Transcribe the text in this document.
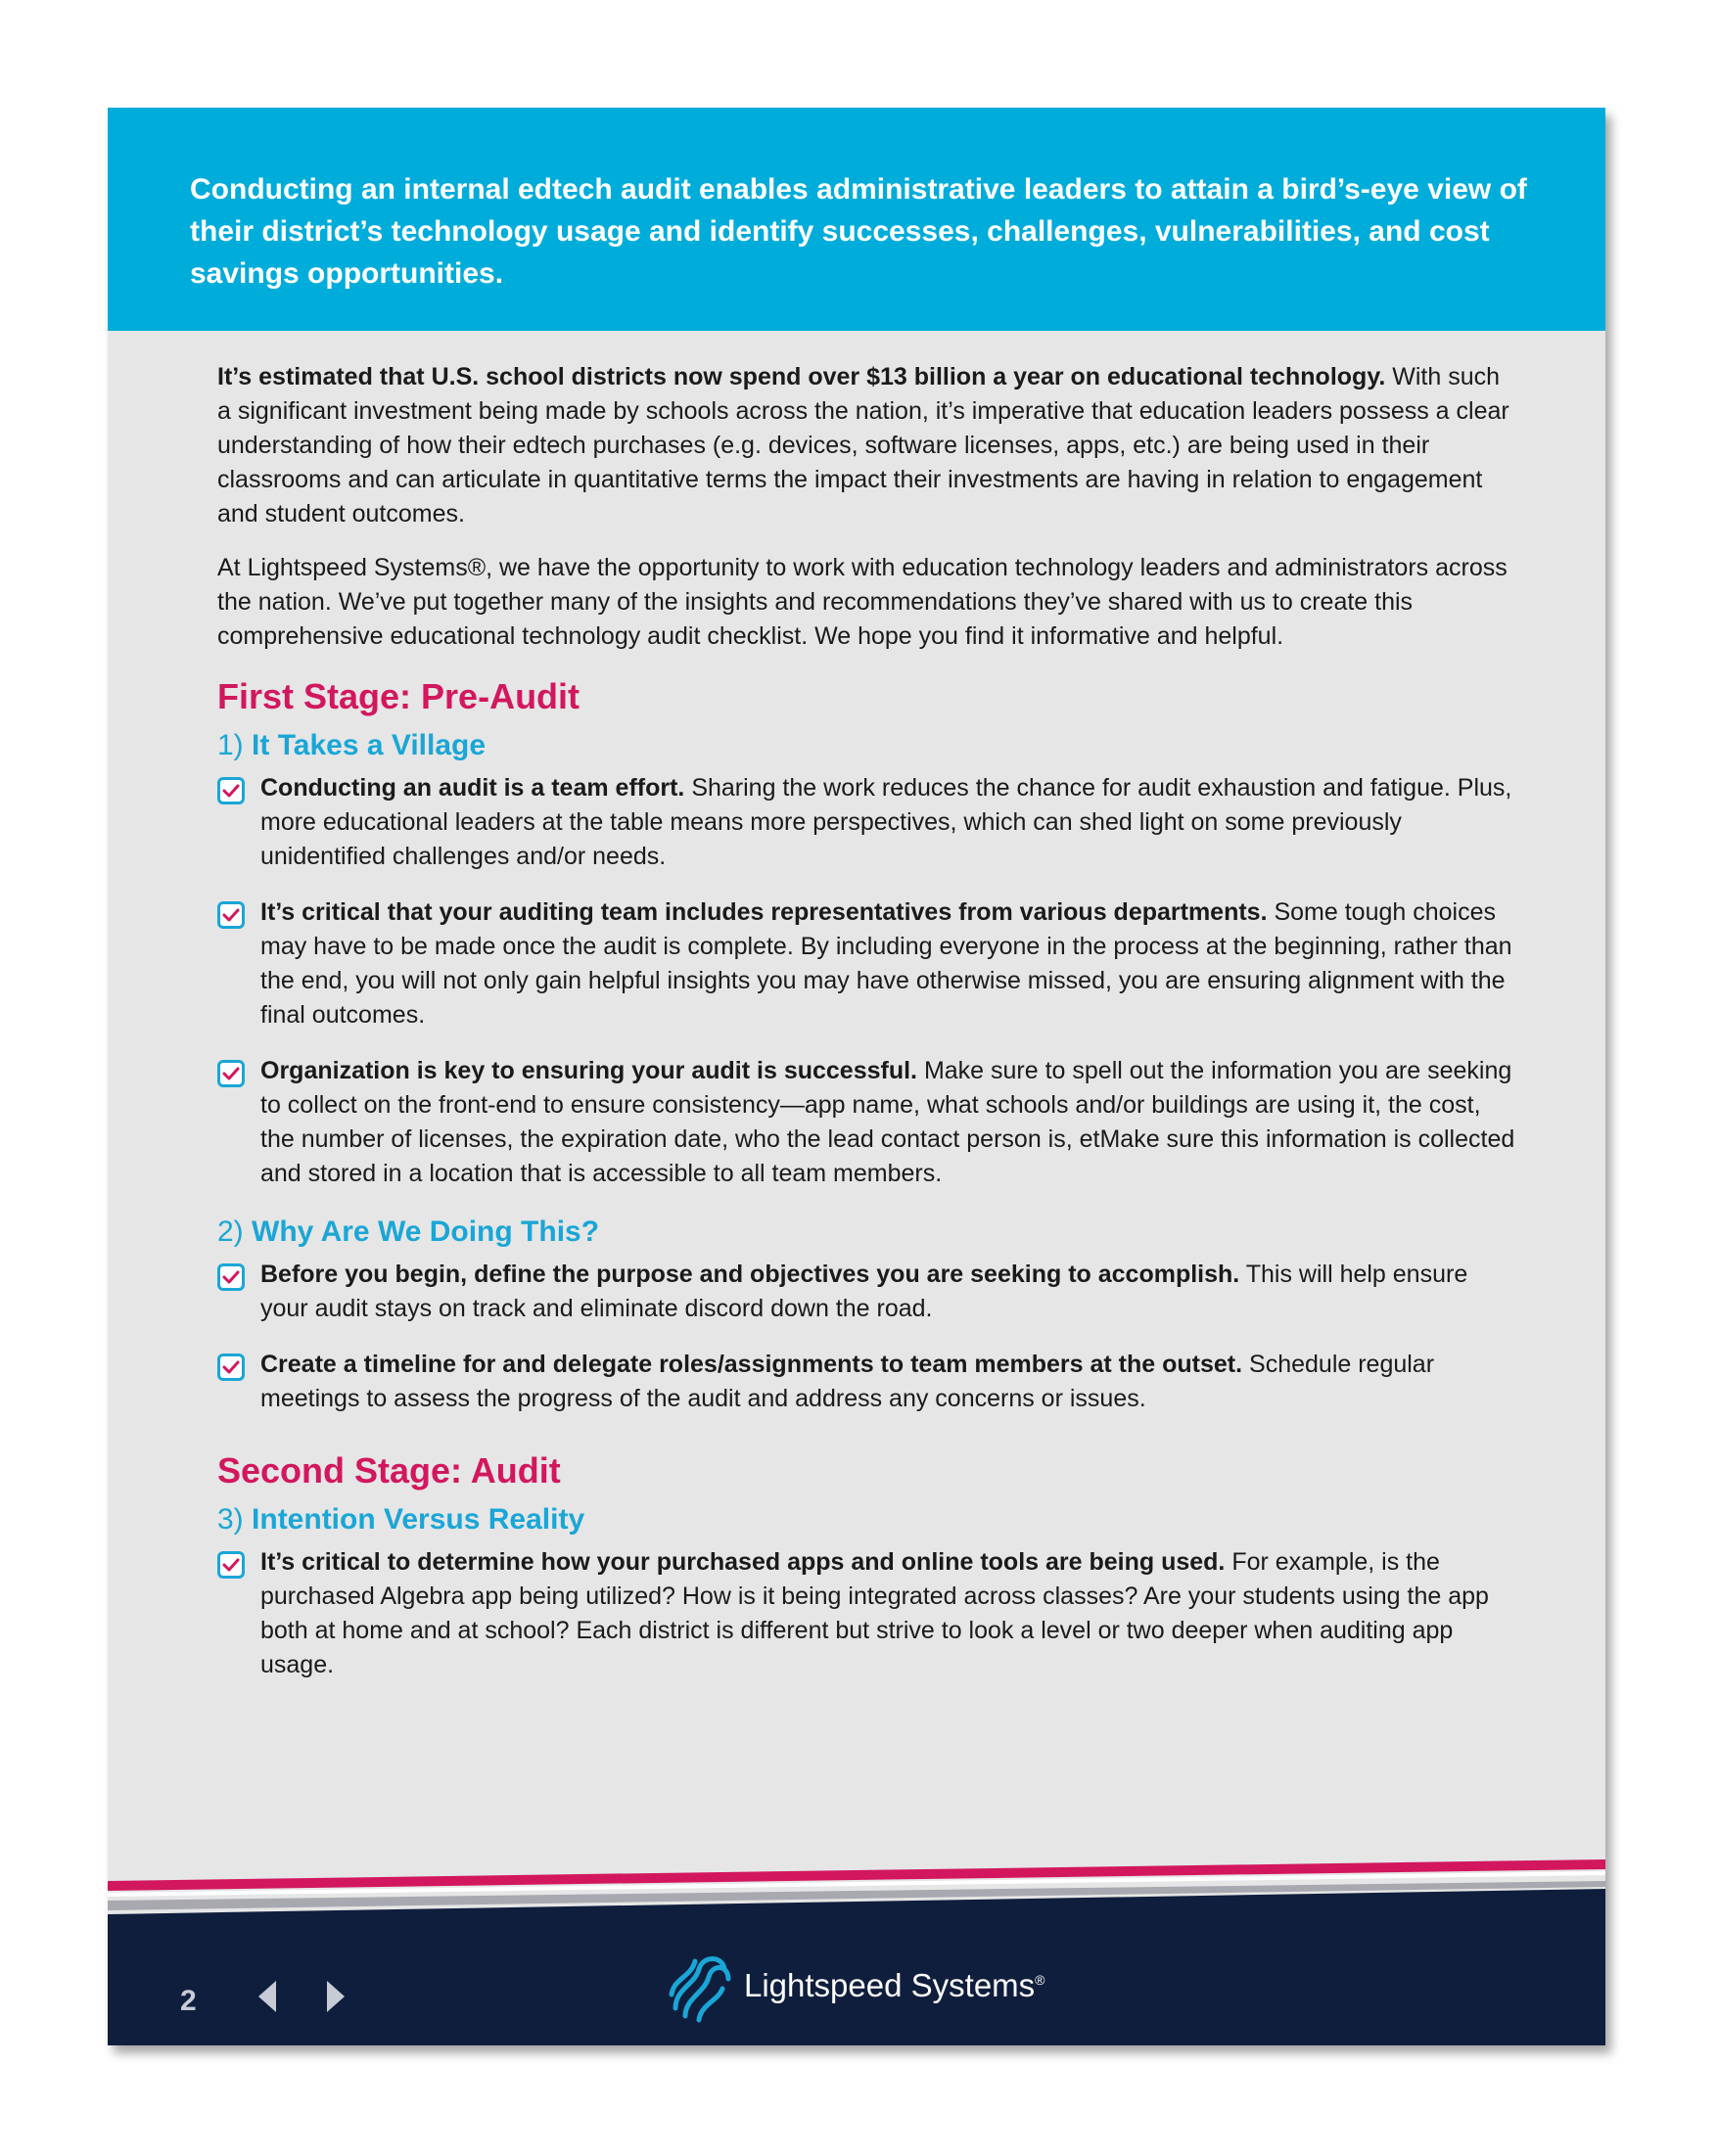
Conducting an internal edtech audit enables administrative leaders to attain a bird’s-eye view of their district’s technology usage and identify successes, challenges, vulnerabilities, and cost savings opportunities.

It’s estimated that U.S. school districts now spend over $13 billion a year on educational technology. With such a significant investment being made by schools across the nation, it’s imperative that education leaders possess a clear understanding of how their edtech purchases (e.g. devices, software licenses, apps, etc.) are being used in their classrooms and can articulate in quantitative terms the impact their investments are having in relation to engagement and student outcomes.

At Lightspeed Systems®, we have the opportunity to work with education technology leaders and administrators across the nation. We’ve put together many of the insights and recommendations they’ve shared with us to create this comprehensive educational technology audit checklist. We hope you find it informative and helpful.

First Stage: Pre-Audit
1) It Takes a Village

Conducting an audit is a team effort. Sharing the work reduces the chance for audit exhaustion and fatigue. Plus, more educational leaders at the table means more perspectives, which can shed light on some previously unidentified challenges and/or needs.

It’s critical that your auditing team includes representatives from various departments. Some tough choices may have to be made once the audit is complete. By including everyone in the process at the beginning, rather than the end, you will not only gain helpful insights you may have otherwise missed, you are ensuring alignment with the final outcomes.

Organization is key to ensuring your audit is successful. Make sure to spell out the information you are seeking to collect on the front-end to ensure consistency—app name, what schools and/or buildings are using it, the cost, the number of licenses, the expiration date, who the lead contact person is, etMake sure this information is collected and stored in a location that is accessible to all team members.

2) Why Are We Doing This?

Before you begin, define the purpose and objectives you are seeking to accomplish. This will help ensure your audit stays on track and eliminate discord down the road.

Create a timeline for and delegate roles/assignments to team members at the outset. Schedule regular meetings to assess the progress of the audit and address any concerns or issues.

Second Stage: Audit
3) Intention Versus Reality

It’s critical to determine how your purchased apps and online tools are being used. For example, is the purchased Algebra app being utilized? How is it being integrated across classes? Are your students using the app both at home and at school? Each district is different but strive to look a level or two deeper when auditing app usage.

2	Lightspeed Systems®
